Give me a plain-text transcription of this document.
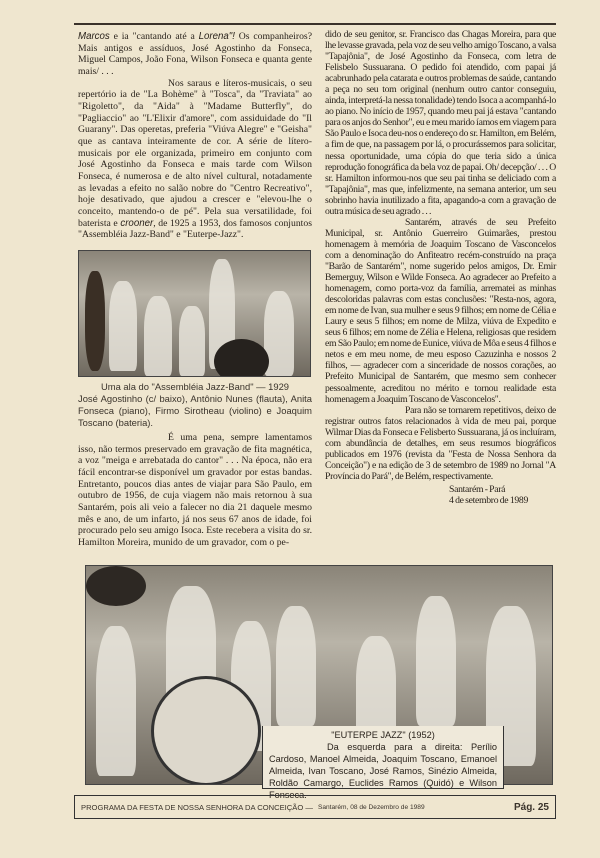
Marcos e ia "cantando até a Lorena"! Os companheiros? Mais antigos e assíduos, José Agostinho da Fonseca, Miguel Campos, João Fona, Wilson Fonseca e quanta gente mais/ . . .

Nos saraus e líteros-musicais, o seu repertório ia de "La Bohème" à "Tosca", da "Traviata" ao "Rigoletto", da "Aida" à "Madame Butterfly", do "Pagliaccio" ao "L'Elixir d'amore", com assiduidade do "Il Guarany". Das operetas, preferia "Viúva Alegre" e "Geisha" que as cantava inteiramente de cor. A série de lítero-musicais por ele organizada, primeiro em conjunto com José Agostinho da Fonseca e mais tarde com Wilson Fonseca, é numerosa e de alto nível cultural, notadamente as levadas a efeito no salão nobre do "Centro Recreativo", hoje desativado, que ajudou a crescer e "elevou-lhe o conceito, mantendo-o de pé". Pela sua versatilidade, foi baterista e crooner, de 1925 a 1953, dos famosos conjuntos "Assembléia Jazz-Band" e "Euterpe-Jazz".

Uma ala do "Assembléia Jazz-Band" — 1929
José Agostinho (c/ baixo), Antônio Nunes (flauta), Anita Fonseca (piano), Firmo Sirotheau (violino) e Joaquim Toscano (bateria).

É uma pena, sempre lamentamos isso, não termos preservado em gravação de fita magnética, a voz "meiga e arrebatada do cantor" . . . Na época, não era fácil encontrar-se disponível um gravador por estas bandas. Entretanto, poucos dias antes de viajar para São Paulo, em outubro de 1956, de cuja viagem não mais retornou à sua Santarém, pois ali veio a falecer no dia 21 daquele mesmo mês e ano, de um infarto, já nos seus 67 anos de idade, foi procurado pelo seu amigo Isoca. Este recebera a visita do sr. Hamilton Moreira, munido de um gravador, com o pe-

dido de seu genitor, sr. Francisco das Chagas Moreira, para que lhe levasse gravada, pela voz de seu velho amigo Toscano, a valsa "Tapajônia", de José Agostinho da Fonseca, com letra de Felisbelo Sussuarana. O pedido foi atendido, com papai já acabrunhado pela catarata e outros problemas de saúde, cantando a peça no seu tom original (nenhum outro cantor conseguiu, ainda, interpretá-la nessa tonalidade) tendo Isoca a acompanhá-lo ao piano. No início de 1957, quando meu pai já estava "cantando para os anjos do Senhor", eu e meu marido íamos em viagem para São Paulo e Isoca deu-nos o endereço do sr. Hamilton, em Belém, a fim de que, na passagem por lá, o procurássemos para solicitar, nessa oportunidade, uma cópia do que teria sido a única reprodução fonográfica da bela voz de papai. Oh/ decepção/ . . . O sr. Hamilton informou-nos que seu pai tinha se deliciado com a "Tapajônia", mas que, infelizmente, na semana anterior, um seu sobrinho havia inutilizado a fita, apagando-a com a gravação de outra música de seu agrado . . .

Santarém, através de seu Prefeito Municipal, sr. Antônio Guerreiro Guimarães, prestou homenagem à memória de Joaquim Toscano de Vasconcelos com a denominação do Anfiteatro recém-construído na praça "Barão de Santarém", nome sugerido pelos amigos, Dr. Emir Bemerguy, Wilson e Wilde Fonseca. Ao agradecer ao Prefeito a homenagem, como porta-voz da família, arrematei as minhas descoloridas palavras com estas conclusões: "Resta-nos, agora, em nome de Ivan, sua mulher e seus 9 filhos; em nome de Célia e Laury e seus 5 filhos; em nome de Milza, viúva de Expedito e seus 6 filhos; em nome de Zélia e Helena, religiosas que residem em São Paulo; em nome de Eunice, viúva de Môa e seus 4 filhos e netos e em meu nome, de meu esposo Cazuzinha e nossos 2 filhos, — agradecer com a sinceridade de nossos corações, ao Prefeito Municipal de Santarém, que mesmo sem conhecer pessoalmente, acreditou no mérito e tornou realidade esta homenagem a Joaquim Toscano de Vasconcelos".

Para não se tornarem repetitivos, deixo de registrar outros fatos relacionados à vida de meu pai, porque Wilmar Dias da Fonseca e Felisberto Sussuarana, já os incluíram, com abundância de detalhes, em seus resumos biográficos publicados em 1976 (revista da "Festa de Nossa Senhora da Conceição") e na edição de 3 de setembro de 1989 no Jornal "A Província do Pará", de Belém, respectivamente.

Santarém - Pará

4 de setembro de 1989

"EUTERPE JAZZ" (1952)
Da esquerda para a direita: Perílio Cardoso, Manoel Almeida, Joaquim Toscano, Emanoel Almeida, Ivan Toscano, José Ramos, Sinézio Almeida, Roldão Camargo, Euclides Ramos (Quidó) e Wilson Fonseca.
PROGRAMA DA FESTA DE NOSSA SENHORA DA CONCEIÇÃO — Santarém, 08 de Dezembro de 1989	Pág. 25
